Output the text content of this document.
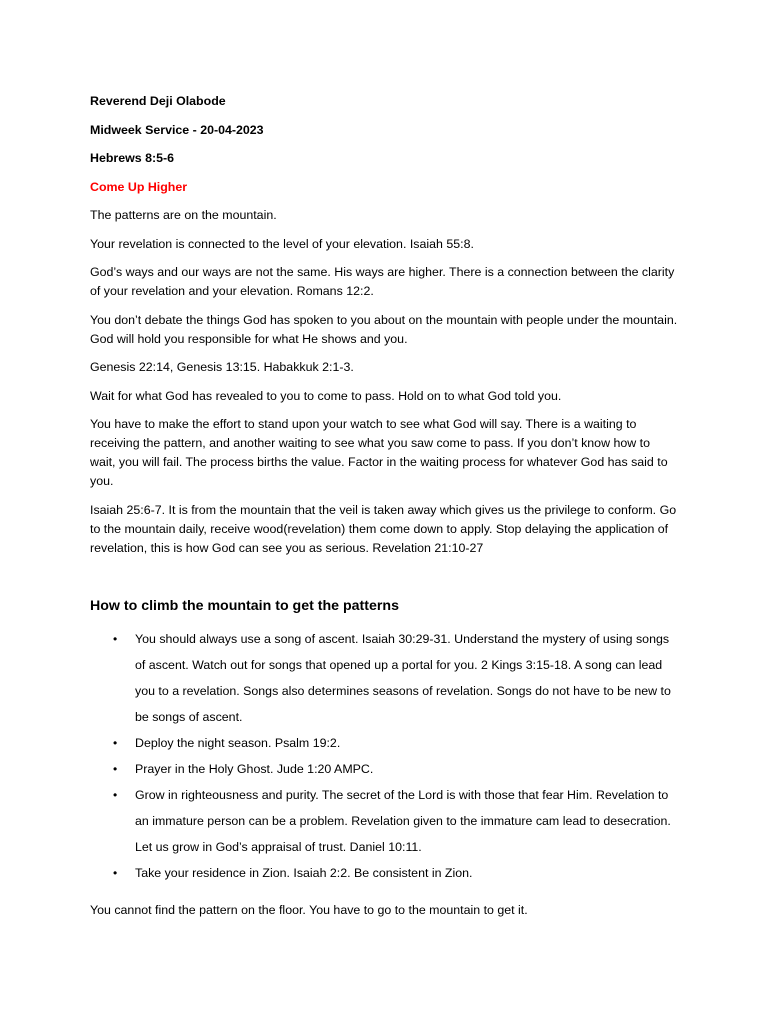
Reverend Deji Olabode

Midweek Service - 20-04-2023

Hebrews 8:5-6

Come Up Higher

The patterns are on the mountain.

Your revelation is connected to the level of your elevation. Isaiah 55:8.

God’s ways and our ways are not the same. His ways are higher. There is a connection between the clarity of your revelation and your elevation. Romans 12:2.

You don’t debate the things God has spoken to you about on the mountain with people under the mountain. God will hold you responsible for what He shows and you.

Genesis 22:14, Genesis 13:15. Habakkuk 2:1-3.

Wait for what God has revealed to you to come to pass. Hold on to what God told you.

You have to make the effort to stand upon your watch to see what God will say. There is a waiting to receiving the pattern, and another waiting to see what you saw come to pass. If you don’t know how to wait, you will fail. The process births the value. Factor in the waiting process for whatever God has said to you.

Isaiah 25:6-7. It is from the mountain that the veil is taken away which gives us the privilege to conform. Go to the mountain daily, receive wood(revelation) them come down to apply. Stop delaying the application of revelation, this is how God can see you as serious. Revelation 21:10-27

How to climb the mountain to get the patterns
• You should always use a song of ascent. Isaiah 30:29-31. Understand the mystery of using songs of ascent. Watch out for songs that opened up a portal for you. 2 Kings 3:15-18. A song can lead you to a revelation. Songs also determines seasons of revelation. Songs do not have to be new to be songs of ascent.
• Deploy the night season. Psalm 19:2.
• Prayer in the Holy Ghost. Jude 1:20 AMPC.
• Grow in righteousness and purity. The secret of the Lord is with those that fear Him. Revelation to an immature person can be a problem. Revelation given to the immature cam lead to desecration. Let us grow in God’s appraisal of trust. Daniel 10:11.
• Take your residence in Zion. Isaiah 2:2. Be consistent in Zion.

You cannot find the pattern on the floor. You have to go to the mountain to get it.
